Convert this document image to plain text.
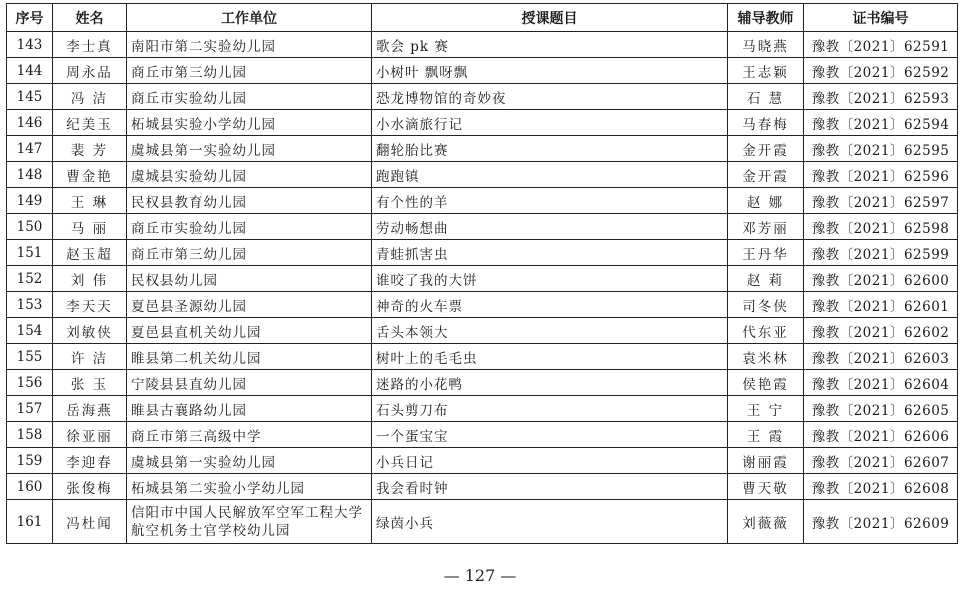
序号	姓名	工作单位	授课题目	辅导教师	证书编号
143	李士真	南阳市第二实验幼儿园	歌会 pk 赛	马晓燕	豫教〔2021〕62591
144	周永品	商丘市第三幼儿园	小树叶 飘呀飘	王志颖	豫教〔2021〕62592
145	冯 洁	商丘市实验幼儿园	恐龙博物馆的奇妙夜	石 慧	豫教〔2021〕62593
146	纪美玉	柘城县实验小学幼儿园	小水滴旅行记	马春梅	豫教〔2021〕62594
147	裴 芳	虞城县第一实验幼儿园	翻轮胎比赛	金开霞	豫教〔2021〕62595
148	曹金艳	虞城县实验幼儿园	跑跑镇	金开霞	豫教〔2021〕62596
149	王 琳	民权县教育幼儿园	有个性的羊	赵 娜	豫教〔2021〕62597
150	马 丽	商丘市实验幼儿园	劳动畅想曲	邓芳丽	豫教〔2021〕62598
151	赵玉超	商丘市第三幼儿园	青蛙抓害虫	王丹华	豫教〔2021〕62599
152	刘 伟	民权县幼儿园	谁咬了我的大饼	赵 莉	豫教〔2021〕62600
153	李天天	夏邑县圣源幼儿园	神奇的火车票	司冬侠	豫教〔2021〕62601
154	刘敏侠	夏邑县直机关幼儿园	舌头本领大	代东亚	豫教〔2021〕62602
155	许 洁	睢县第二机关幼儿园	树叶上的毛毛虫	袁米林	豫教〔2021〕62603
156	张 玉	宁陵县县直幼儿园	迷路的小花鸭	侯艳霞	豫教〔2021〕62604
157	岳海燕	睢县古襄路幼儿园	石头剪刀布	王 宁	豫教〔2021〕62605
158	徐亚丽	商丘市第三高级中学	一个蛋宝宝	王 霞	豫教〔2021〕62606
159	李迎春	虞城县第一实验幼儿园	小兵日记	谢丽霞	豫教〔2021〕62607
160	张俊梅	柘城县第二实验小学幼儿园	我会看时钟	曹天敬	豫教〔2021〕62608
161	冯杜闻	信阳市中国人民解放军空军工程大学航空机务士官学校幼儿园	绿茵小兵	刘薇薇	豫教〔2021〕62609
— 127 —
